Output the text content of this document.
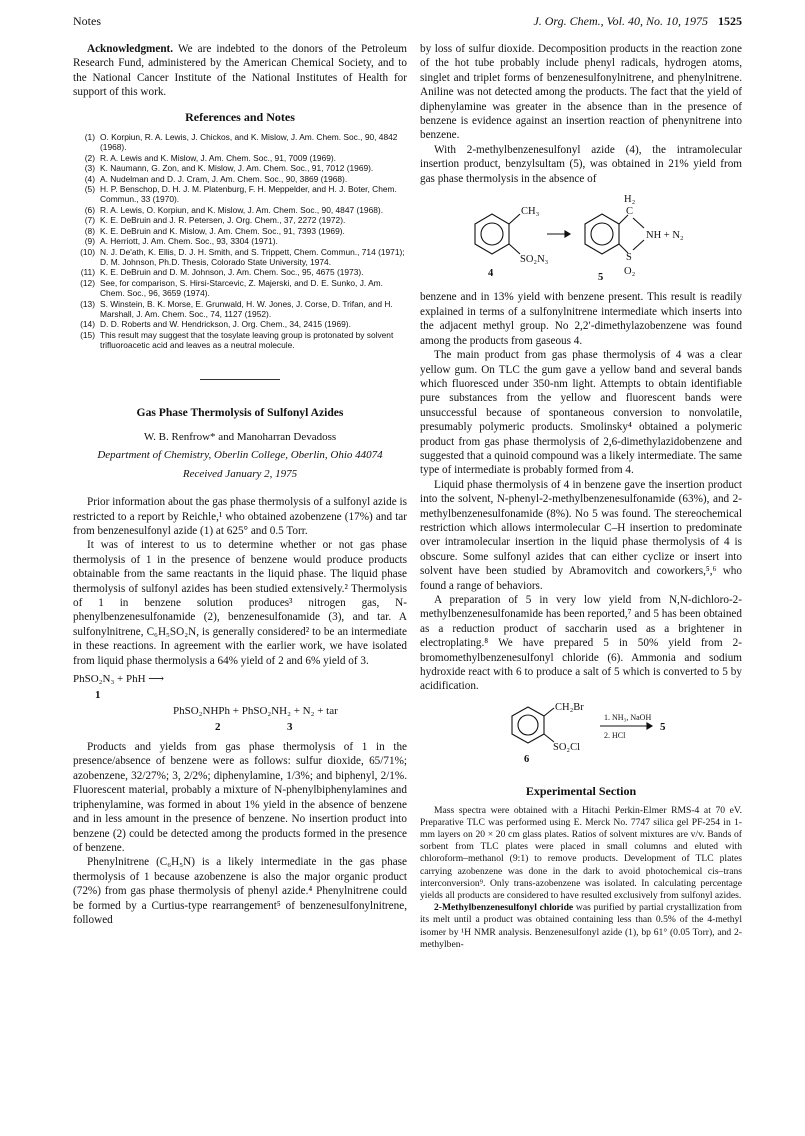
Notes	J. Org. Chem., Vol. 40, No. 10, 1975 1525

Acknowledgment. We are indebted to the donors of the Petroleum Research Fund, administered by the American Chemical Society, and to the National Cancer Institute of the National Institutes of Health for support of this work.

References and Notes
(1) O. Korpiun, R. A. Lewis, J. Chickos, and K. Mislow, J. Am. Chem. Soc., 90, 4842 (1968).
(2) R. A. Lewis and K. Mislow, J. Am. Chem. Soc., 91, 7009 (1969).
(3) K. Naumann, G. Zon, and K. Mislow, J. Am. Chem. Soc., 91, 7012 (1969).
(4) A. Nudelman and D. J. Cram, J. Am. Chem. Soc., 90, 3869 (1968).
(5) H. P. Benschop, D. H. J. M. Platenburg, F. H. Meppelder, and H. J. Boter, Chem. Commun., 33 (1970).
(6) R. A. Lewis, O. Korpiun, and K. Mislow, J. Am. Chem. Soc., 90, 4847 (1968).
(7) K. E. DeBruin and J. R. Petersen, J. Org. Chem., 37, 2272 (1972).
(8) K. E. DeBruin and K. Mislow, J. Am. Chem. Soc., 91, 7393 (1969).
(9) A. Herriott, J. Am. Chem. Soc., 93, 3304 (1971).
(10) N. J. De'ath, K. Ellis, D. J. H. Smith, and S. Trippett, Chem. Commun., 714 (1971); D. M. Johnson, Ph.D. Thesis, Colorado State University, 1974.
(11) K. E. DeBruin and D. M. Johnson, J. Am. Chem. Soc., 95, 4675 (1973).
(12) See, for comparison, S. Hirsi-Starcevic, Z. Majerski, and D. E. Sunko, J. Am. Chem. Soc., 96, 3659 (1974).
(13) S. Winstein, B. K. Morse, E. Grunwald, H. W. Jones, J. Corse, D. Trifan, and H. Marshall, J. Am. Chem. Soc., 74, 1127 (1952).
(14) D. D. Roberts and W. Hendrickson, J. Org. Chem., 34, 2415 (1969).
(15) This result may suggest that the tosylate leaving group is protonated by solvent trifluoroacetic acid and leaves as a neutral molecule.
Gas Phase Thermolysis of Sulfonyl Azides
W. B. Renfrow* and Manoharran Devadoss
Department of Chemistry, Oberlin College, Oberlin, Ohio 44074
Received January 2, 1975

Prior information about the gas phase thermolysis of a sulfonyl azide is restricted to a report by Reichle,¹ who obtained azobenzene (17%) and tar from benzenesulfonyl azide (1) at 625° and 0.5 Torr.

It was of interest to us to determine whether or not gas phase thermolysis of 1 in the presence of benzene would produce products obtainable from the same reactants in the liquid phase. The liquid phase thermolysis of sulfonyl azides has been studied extensively.² Thermolysis of 1 in benzene solution produces³ nitrogen gas, N-phenylbenzenesulfonamide (2), benzenesulfonamide (3), and tar. A sulfonylnitrene, C₆H₅SO₂N, is generally considered² to be an intermediate in these reactions. In agreement with the earlier work, we have isolated from liquid phase thermolysis a 64% yield of 2 and 6% yield of 3.

PhSO₂N₃ + PhH ⟶
1
PhSO₂NHPh + PhSO₂NH₂ + N₂ + tar
2	3

Products and yields from gas phase thermolysis of 1 in the presence/absence of benzene were as follows: sulfur dioxide, 65/71%; azobenzene, 32/27%; 3, 2/2%; diphenylamine, 1/3%; and biphenyl, 2/1%. Fluorescent material, probably a mixture of N-phenylbiphenylamines and triphenylamine, was formed in about 1% yield in the absence of benzene and in less amount in the presence of benzene. No insertion product into benzene (2) could be detected among the products formed in the presence of benzene.

Phenylnitrene (C₆H₅N) is a likely intermediate in the gas phase thermolysis of 1 because azobenzene is also the major organic product (72%) from gas phase thermolysis of phenyl azide.⁴ Phenylnitrene could be formed by a Curtius-type rearrangement⁵ of benzenesulfonylnitrene, followed

by loss of sulfur dioxide. Decomposition products in the reaction zone of the hot tube probably include phenyl radicals, hydrogen atoms, singlet and triplet forms of benzenesulfonylnitrene, and phenylnitrene. Aniline was not detected among the products. The fact that the yield of diphenylamine was greater in the absence than in the presence of benzene is evidence against an insertion reaction of phenynitrene into benzene.

With 2-methylbenzenesulfonyl azide (4), the intramolecular insertion product, benzylsultam (5), was obtained in 21% yield from gas phase thermolysis in the absence of

CH₃
SO₂N₃
H₂
C
NH + N₂
S
O₂
4	5

benzene and in 13% yield with benzene present. This result is readily explained in terms of a sulfonylnitrene intermediate which inserts into the adjacent methyl group. No 2,2′-dimethylazobenzene was found among the products from gaseous 4.

The main product from gas phase thermolysis of 4 was a clear yellow gum. On TLC the gum gave a yellow band and several bands which fluoresced under 350-nm light. Attempts to obtain identifiable pure substances from the yellow and fluorescent bands were unsuccessful because of spontaneous conversion to nonvolatile, presumably polymeric products. Smolinsky⁴ obtained a polymeric product from gas phase thermolysis of 2,6-dimethylazidobenzene and suggested that a quinoid compound was a likely intermediate. The same type of intermediate is probably formed from 4.

Liquid phase thermolysis of 4 in benzene gave the insertion product into the solvent, N-phenyl-2-methylbenzenesulfonamide (63%), and 2-methylbenzenesulfonamide (8%). No 5 was found. The stereochemical restriction which allows intermolecular C–H insertion to predominate over intramolecular insertion in the liquid phase thermolysis of 4 is obscure. Some sulfonyl azides that can either cyclize or insert into solvent have been studied by Abramovitch and coworkers,⁵,⁶ who found a range of behaviors.

A preparation of 5 in very low yield from N,N-dichloro-2-methylbenzenesulfonamide has been reported,⁷ and 5 has been obtained as a reduction product of saccharin used as a brightener in electroplating.⁸ We have prepared 5 in 50% yield from 2-bromomethylbenzenesulfonyl chloride (6). Ammonia and sodium hydroxide react with 6 to produce a salt of 5 which is converted to 5 by acidification.

CH₂Br
SO₂Cl
6
1. NH₃, NaOH
2. HCl
5
Experimental Section

Mass spectra were obtained with a Hitachi Perkin-Elmer RMS-4 at 70 eV. Preparative TLC was performed using E. Merck No. 7747 silica gel PF-254 in 1-mm layers on 20 × 20 cm glass plates. Ratios of solvent mixtures are v/v. Bands of sorbent from TLC plates were placed in small columns and eluted with chloroform–methanol (9:1) to remove products. Development of TLC plates carrying azobenzene was done in the dark to avoid photochemical cis–trans interconversion⁹. Only trans-azobenzene was isolated. In calculating percentage yields all products are considered to have resulted exclusively from sulfonyl azides.

2-Methylbenzenesulfonyl chloride was purified by partial crystallization from its melt until a product was obtained containing less than 0.5% of the 4-methyl isomer by ¹H NMR analysis. Benzenesulfonyl azide (1), bp 61° (0.05 Torr), and 2-methylben-
